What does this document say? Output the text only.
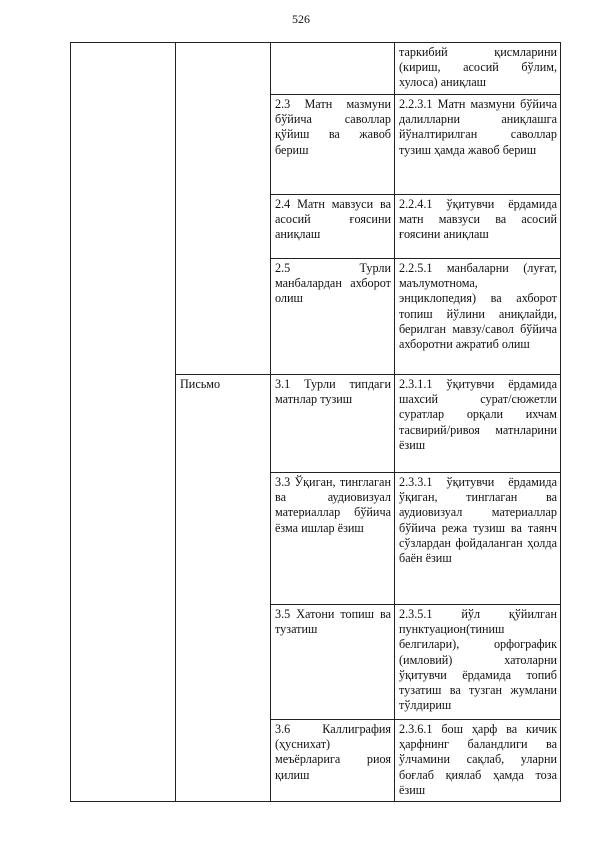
526
			таркибий қисмларини (кириш, асосий бўлим, хулоса) аниқлаш
		2.3 Матн мазмуни бўйича саволлар қўйиш ва жавоб бериш	2.2.3.1 Матн мазмуни бўйича далилларни аниқлашга йўналтирилган саволлар тузиш ҳамда жавоб бериш
		2.4 Матн мавзуси ва асосий ғоясини аниқлаш	2.2.4.1 ўқитувчи ёрдамида матн мавзуси ва асосий ғоясини аниқлаш
		2.5 Турли манбалардан ахборот олиш	2.2.5.1 манбаларни (луғат, маълумотнома, энциклопедия) ва ахборот топиш йўлини аниқлайди, берилган мавзу/савол бўйича ахборотни ажратиб олиш
	Письмо	3.1 Турли типдаги матнлар тузиш	2.3.1.1 ўқитувчи ёрдамида шахсий сурат/сюжетли суратлар орқали ихчам тасвирий/ривоя матнларини ёзиш
		3.3 Ўқиган, тинглаган ва аудиовизуал материаллар бўйича ёзма ишлар ёзиш	2.3.3.1 ўқитувчи ёрдамида ўқиган, тинглаган ва аудиовизуал материаллар бўйича режа тузиш ва таянч сўзлардан фойдаланган ҳолда баён ёзиш
		3.5 Хатони топиш ва тузатиш	2.3.5.1 йўл қўйилган пунктуацион(тиниш белгилари), орфографик (имловий) хатоларни ўқитувчи ёрдамида топиб тузатиш ва тузган жумлани тўлдириш
		3.6 Каллиграфия (ҳуснихат) меъёрларига риоя қилиш	2.3.6.1 бош ҳарф ва кичик ҳарфнинг баландлиги ва ўлчамини сақлаб, уларни боғлаб қиялаб ҳамда тоза ёзиш
